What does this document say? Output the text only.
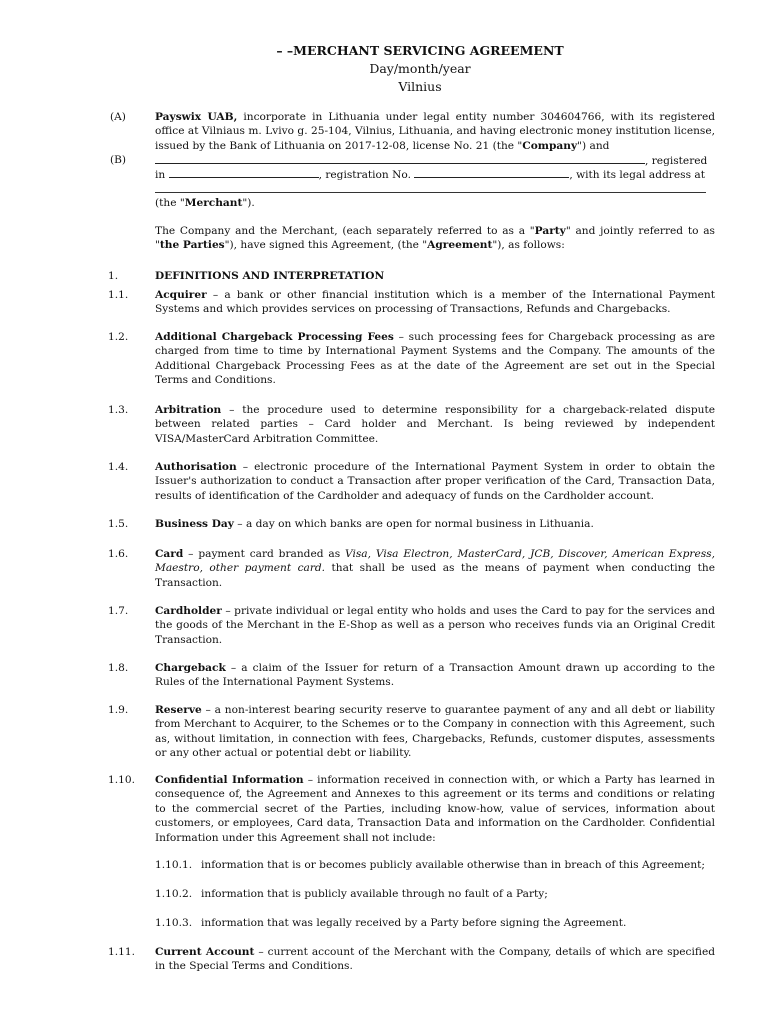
– –MERCHANT SERVICING AGREEMENT
Day/month/year
Vilnius
(A)	Payswix UAB, incorporate in Lithuania under legal entity number 304604766, with its registered office at Vilniaus m. Lvivo g. 25-104, Vilnius, Lithuania, and having electronic money institution license, issued by the Bank of Lithuania on 2017-12-08, license No. 21 (the "Company") and
(B)	, registered
in	, registration No.	, with its legal address at
(the "Merchant").
The Company and the Merchant, (each separately referred to as a "Party" and jointly referred to as "the Parties"), have signed this Agreement, (the "Agreement"), as follows:
1.	DEFINITIONS AND INTERPRETATION
1.1.	Acquirer – a bank or other financial institution which is a member of the International Payment Systems and which provides services on processing of Transactions, Refunds and Chargebacks.
1.2.	Additional Chargeback Processing Fees – such processing fees for Chargeback processing as are charged from time to time by International Payment Systems and the Company. The amounts of the Additional Chargeback Processing Fees as at the date of the Agreement are set out in the Special Terms and Conditions.
1.3.	Arbitration – the procedure used to determine responsibility for a chargeback-related dispute between related parties – Card holder and Merchant. Is being reviewed by independent VISA/MasterCard Arbitration Committee.
1.4.	Authorisation – electronic procedure of the International Payment System in order to obtain the Issuer's authorization to conduct a Transaction after proper verification of the Card, Transaction Data, results of identification of the Cardholder and adequacy of funds on the Cardholder account.
1.5.	Business Day – a day on which banks are open for normal business in Lithuania.
1.6.	Card – payment card branded as Visa, Visa Electron, MasterCard, JCB, Discover, American Express, Maestro, other payment card. that shall be used as the means of payment when conducting the Transaction.
1.7.	Cardholder – private individual or legal entity who holds and uses the Card to pay for the services and the goods of the Merchant in the E-Shop as well as a person who receives funds via an Original Credit Transaction.
1.8.	Chargeback – a claim of the Issuer for return of a Transaction Amount drawn up according to the Rules of the International Payment Systems.
1.9.	Reserve – a non-interest bearing security reserve to guarantee payment of any and all debt or liability from Merchant to Acquirer, to the Schemes or to the Company in connection with this Agreement, such as, without limitation, in connection with fees, Chargebacks, Refunds, customer disputes, assessments or any other actual or potential debt or liability.
1.10. Confidential Information – information received in connection with, or which a Party has learned in consequence of, the Agreement and Annexes to this agreement or its terms and conditions or relating to the commercial secret of the Parties, including know-how, value of services, information about customers, or employees, Card data, Transaction Data and information on the Cardholder. Confidential Information under this Agreement shall not include:
1.10.1. information that is or becomes publicly available otherwise than in breach of this Agreement;
1.10.2. information that is publicly available through no fault of a Party;
1.10.3. information that was legally received by a Party before signing the Agreement.
1.11. Current Account – current account of the Merchant with the Company, details of which are specified in the Special Terms and Conditions.
